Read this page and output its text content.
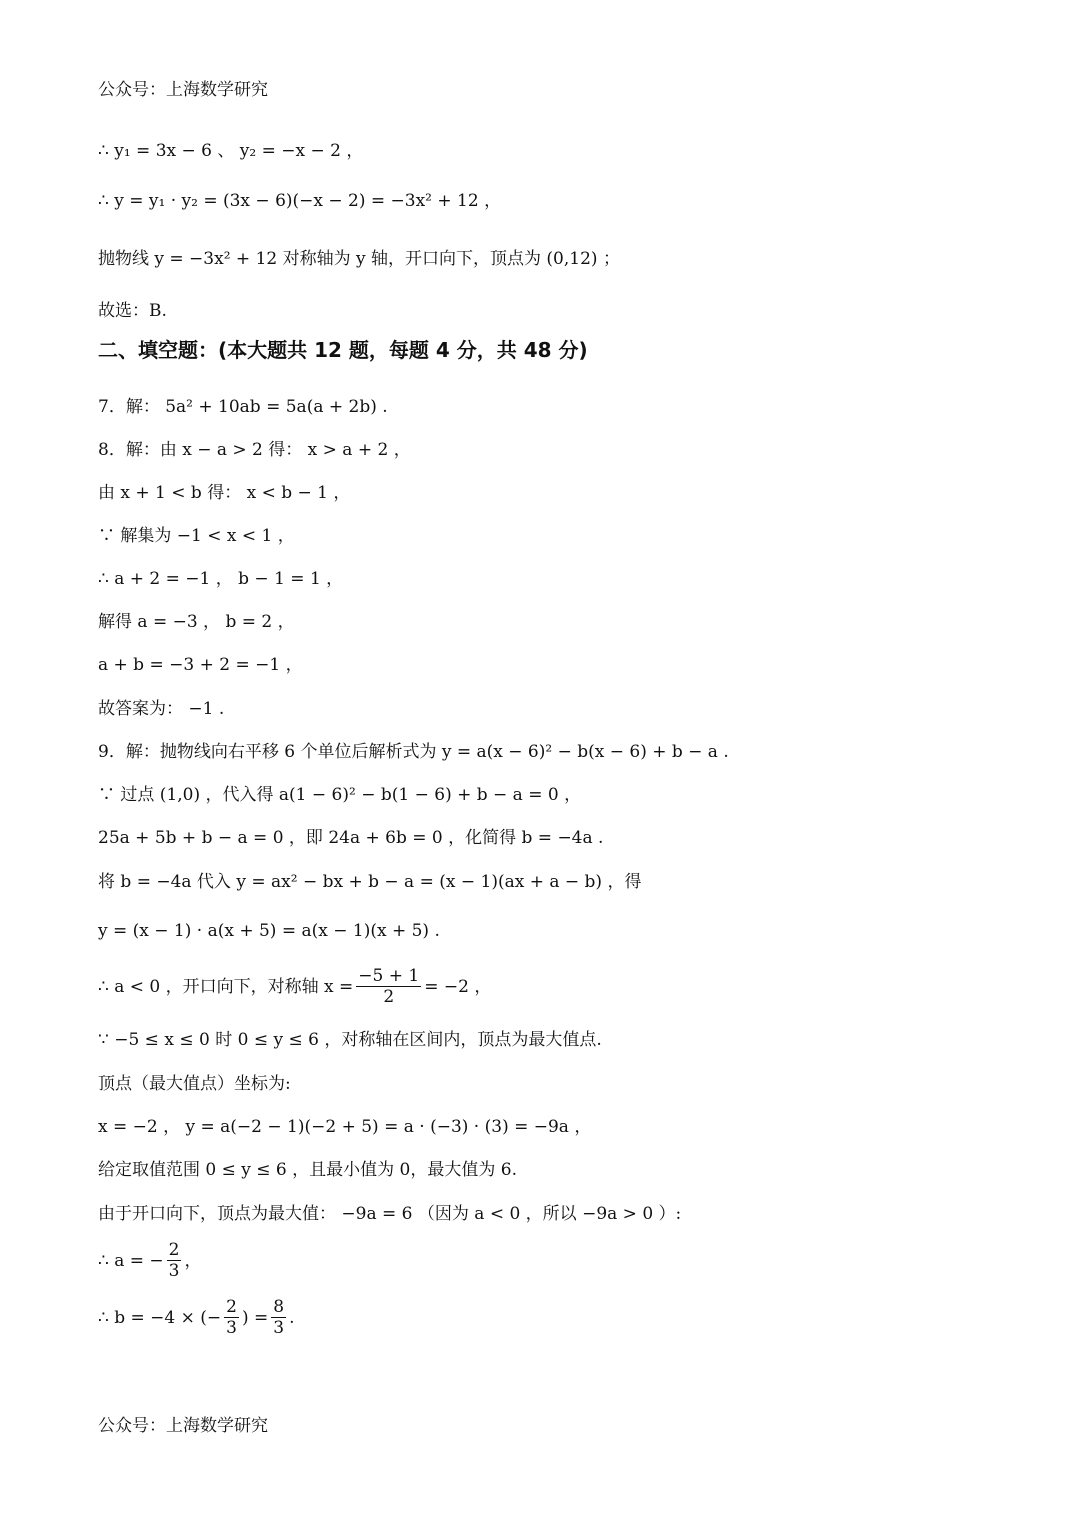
公众号：上海数学研究
∴ y₁ = 3x − 6 、 y₂ = −x − 2 ，
∴ y = y₁ · y₂ = (3x − 6)(−x − 2) = −3x² + 12 ，
抛物线 y = −3x² + 12 对称轴为 y 轴，开口向下，顶点为 (0,12) ；
故选：B.
二、填空题：(本大题共 12 题，每题 4 分，共 48 分)
7．解： 5a² + 10ab = 5a(a + 2b) .
8．解：由 x − a > 2 得： x > a + 2 ，
由 x + 1 < b 得： x < b − 1 ，
∵ 解集为 −1 < x < 1 ，
∴ a + 2 = −1 ， b − 1 = 1 ，
解得 a = −3 ， b = 2 ，
a + b = −3 + 2 = −1 ，
故答案为： −1 .
9．解：抛物线向右平移 6 个单位后解析式为 y = a(x − 6)² − b(x − 6) + b − a .
∵ 过点 (1,0) ，代入得 a(1 − 6)² − b(1 − 6) + b − a = 0 ，
25a + 5b + b − a = 0 ，即 24a + 6b = 0 ，化简得 b = −4a .
将 b = −4a 代入 y = ax² − bx + b − a = (x − 1)(ax + a − b) ，得
y = (x − 1) · a(x + 5) = a(x − 1)(x + 5) .
∴ a < 0 ，开口向下，对称轴 $x = \frac{-5 + 1}{2} = -2$ ，
∵ −5 ≤ x ≤ 0 时 0 ≤ y ≤ 6 ，对称轴在区间内，顶点为最大值点.
顶点（最大值点）坐标为:
x = −2 ， y = a(−2 − 1)(−2 + 5) = a · (−3) · (3) = −9a ，
给定取值范围 0 ≤ y ≤ 6 ，且最小值为 0，最大值为 6.
由于开口向下，顶点为最大值： −9a = 6 （因为 a < 0 ，所以 −9a > 0 ）:
∴ a = − $\frac{2}{3}$ ，
∴ b = −4 × (− $\frac{2}{3}$ ) = $\frac{8}{3}$ .
公众号：上海数学研究
